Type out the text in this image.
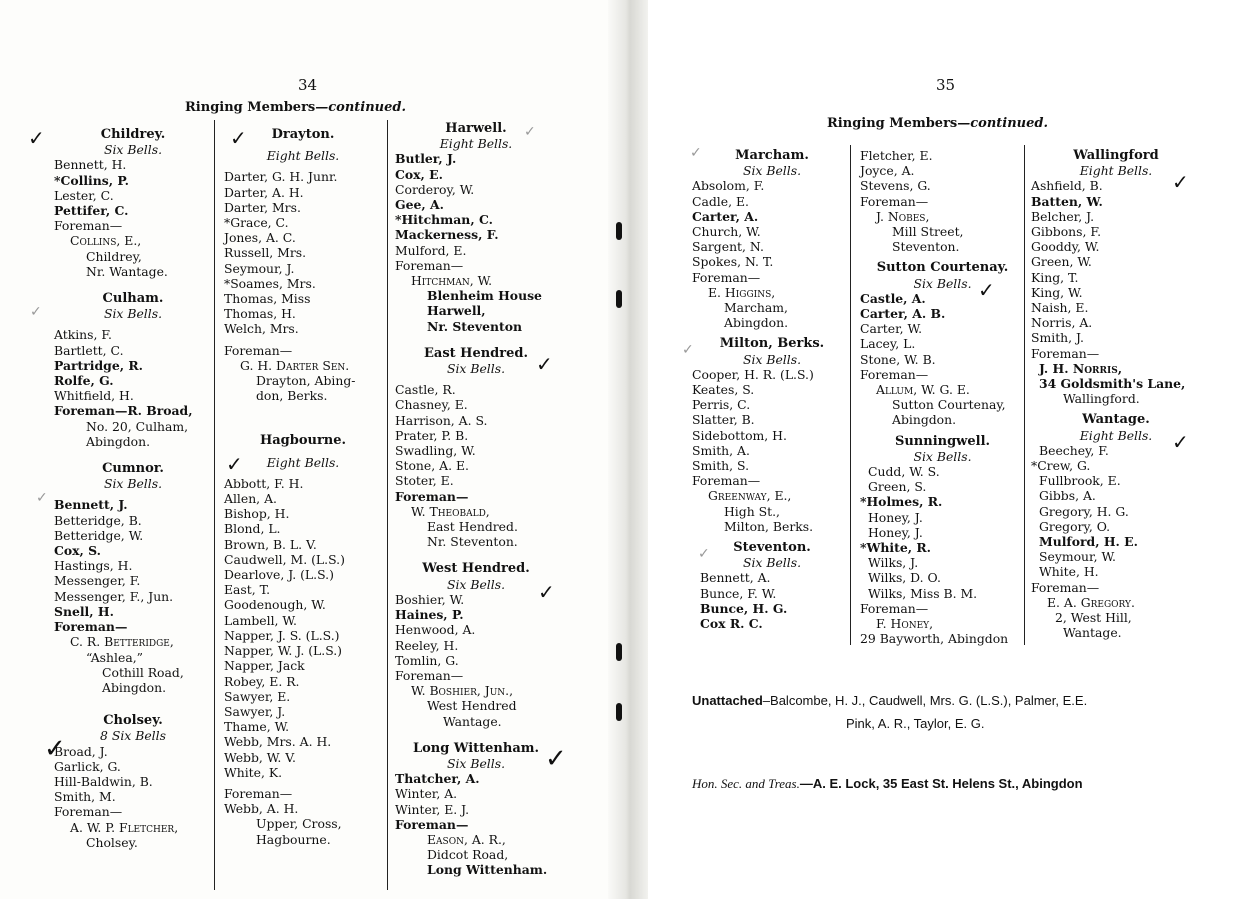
34
Ringing Members—continued.
Childrey.
Six Bells.
Bennett, H.
*Collins, P.
Lester, C.
Pettifer, C.
Foreman—
Collins, E.,
Childrey,
Nr. Wantage.
Culham.
Six Bells.
Atkins, F.
Bartlett, C.
Partridge, R.
Rolfe, G.
Whitfield, H.
Foreman—R. Broad,
No. 20, Culham,
Abingdon.
Cumnor.
Six Bells.
Bennett, J.
Betteridge, B.
Betteridge, W.
Cox, S.
Hastings, H.
Messenger, F.
Messenger, F., Jun.
Snell, H.
Foreman—
C. R. Betteridge,
“Ashlea,”
Cothill Road,
Abingdon.
Cholsey.
8 Six Bells
Broad, J.
Garlick, G.
Hill-Baldwin, B.
Smith, M.
Foreman—
A. W. P. Fletcher,
Cholsey.
Drayton.
Eight Bells.
Darter, G. H. Junr.
Darter, A. H.
Darter, Mrs.
*Grace, C.
Jones, A. C.
Russell, Mrs.
Seymour, J.
*Soames, Mrs.
Thomas, Miss
Thomas, H.
Welch, Mrs.
Foreman—
G. H. Darter Sen.
Drayton, Abing-
don, Berks.
Hagbourne.
Eight Bells.
Abbott, F. H.
Allen, A.
Bishop, H.
Blond, L.
Brown, B. L. V.
Caudwell, M. (L.S.)
Dearlove, J. (L.S.)
East, T.
Goodenough, W.
Lambell, W.
Napper, J. S. (L.S.)
Napper, W. J. (L.S.)
Napper, Jack
Robey, E. R.
Sawyer, E.
Sawyer, J.
Thame, W.
Webb, Mrs. A. H.
Webb, W. V.
White, K.
Foreman—
Webb, A. H.
Upper, Cross,
Hagbourne.
Harwell.
Eight Bells.
Butler, J.
Cox, E.
Corderoy, W.
Gee, A.
*Hitchman, C.
Mackerness, F.
Mulford, E.
Foreman—
Hitchman, W.
Blenheim House
Harwell,
Nr. Steventon
East Hendred.
Six Bells.
Castle, R.
Chasney, E.
Harrison, A. S.
Prater, P. B.
Swadling, W.
Stone, A. E.
Stoter, E.
Foreman—
W. Theobald,
East Hendred.
Nr. Steventon.
West Hendred.
Six Bells.
Boshier, W.
Haines, P.
Henwood, A.
Reeley, H.
Tomlin, G.
Foreman—
W. Boshier, Jun.,
West Hendred
Wantage.
Long Wittenham.
Six Bells.
Thatcher, A.
Winter, A.
Winter, E. J.
Foreman—
Eason, A. R.,
Didcot Road,
Long Wittenham.
✓
✓
✓
✓
✓
✓
✓
✓
✓
✓
35
Ringing Members—continued.
Marcham.
Six Bells.
Absolom, F.
Cadle, E.
Carter, A.
Church, W.
Sargent, N.
Spokes, N. T.
Foreman—
E. Higgins,
Marcham,
Abingdon.
Milton, Berks.
Six Bells.
Cooper, H. R. (L.S.)
Keates, S.
Perris, C.
Slatter, B.
Sidebottom, H.
Smith, A.
Smith, S.
Foreman—
Greenway, E.,
High St.,
Milton, Berks.
Steventon.
Six Bells.
Bennett, A.
Bunce, F. W.
Bunce, H. G.
Cox R. C.
Fletcher, E.
Joyce, A.
Stevens, G.
Foreman—
J. Nobes,
Mill Street,
Steventon.
Sutton Courtenay.
Six Bells.
Castle, A.
Carter, A. B.
Carter, W.
Lacey, L.
Stone, W. B.
Foreman—
Allum, W. G. E.
Sutton Courtenay,
Abingdon.
Sunningwell.
Six Bells.
Cudd, W. S.
Green, S.
*Holmes, R.
Honey, J.
Honey, J.
*White, R.
Wilks, J.
Wilks, D. O.
Wilks, Miss B. M.
Foreman—
F. Honey,
29 Bayworth, Abingdon
Wallingford
Eight Bells.
Ashfield, B.
Batten, W.
Belcher, J.
Gibbons, F.
Gooddy, W.
Green, W.
King, T.
King, W.
Naish, E.
Norris, A.
Smith, J.
Foreman—
J. H. Norris,
34 Goldsmith's Lane,
Wallingford.
Wantage.
Eight Bells.
Beechey, F.
*Crew, G.
Fullbrook, E.
Gibbs, A.
Gregory, H. G.
Gregory, O.
Mulford, H. E.
Seymour, W.
White, H.
Foreman—
E. A. Gregory.
2, West Hill,
Wantage.
Unattached–Balcombe, H. J., Caudwell, Mrs. G. (L.S.), Palmer, E.E.
Pink, A. R., Taylor, E. G.
Hon. Sec. and Treas.—A. E. Lock, 35 East St. Helens St., Abingdon
✓
✓
✓
✓
✓
✓
